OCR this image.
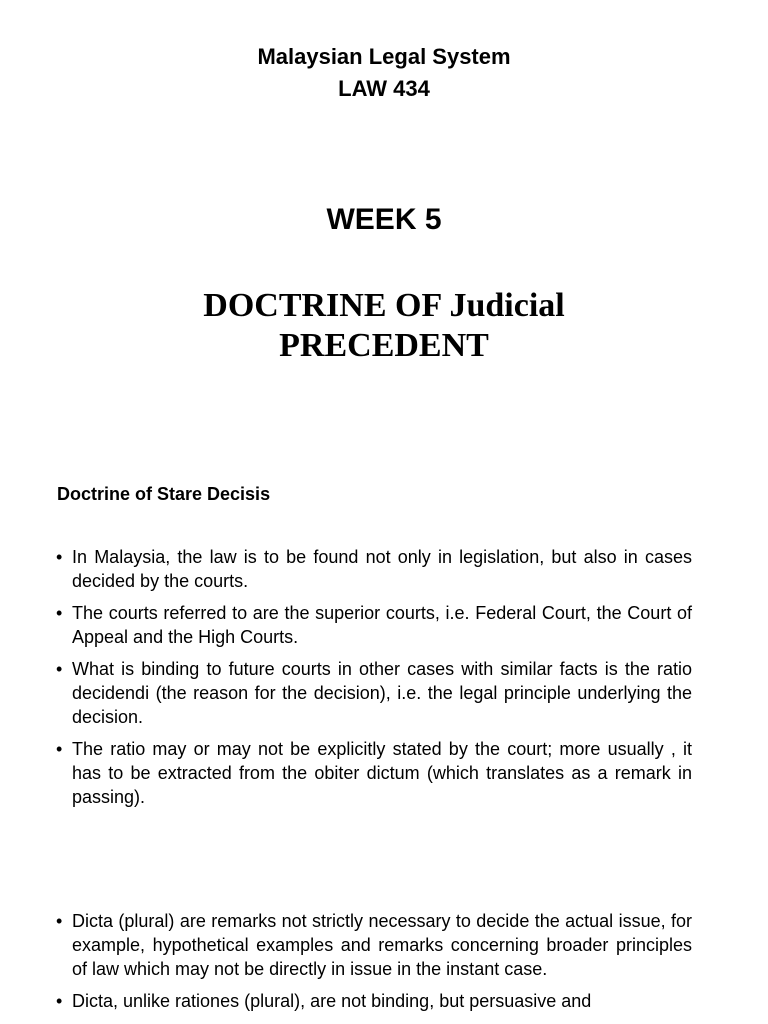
Malaysian Legal System
LAW 434
WEEK 5
DOCTRINE OF Judicial
PRECEDENT
Doctrine of Stare Decisis
• In Malaysia, the law is to be found not only in legislation, but also in cases decided by the courts.
• The courts referred to are the superior courts, i.e. Federal Court, the Court of Appeal and the High Courts.
• What is binding to future courts in other cases with similar facts is the ratio decidendi (the reason for the decision), i.e. the legal principle underlying the decision.
• The ratio may or may not be explicitly stated by the court; more usually , it has to be extracted from the obiter dictum (which translates as a remark in passing).
• Dicta (plural) are remarks not strictly necessary to decide the actual issue, for example, hypothetical examples and remarks concerning broader principles of law which may not be directly in issue in the instant case.
• Dicta, unlike rationes (plural), are not binding, but persuasive and
